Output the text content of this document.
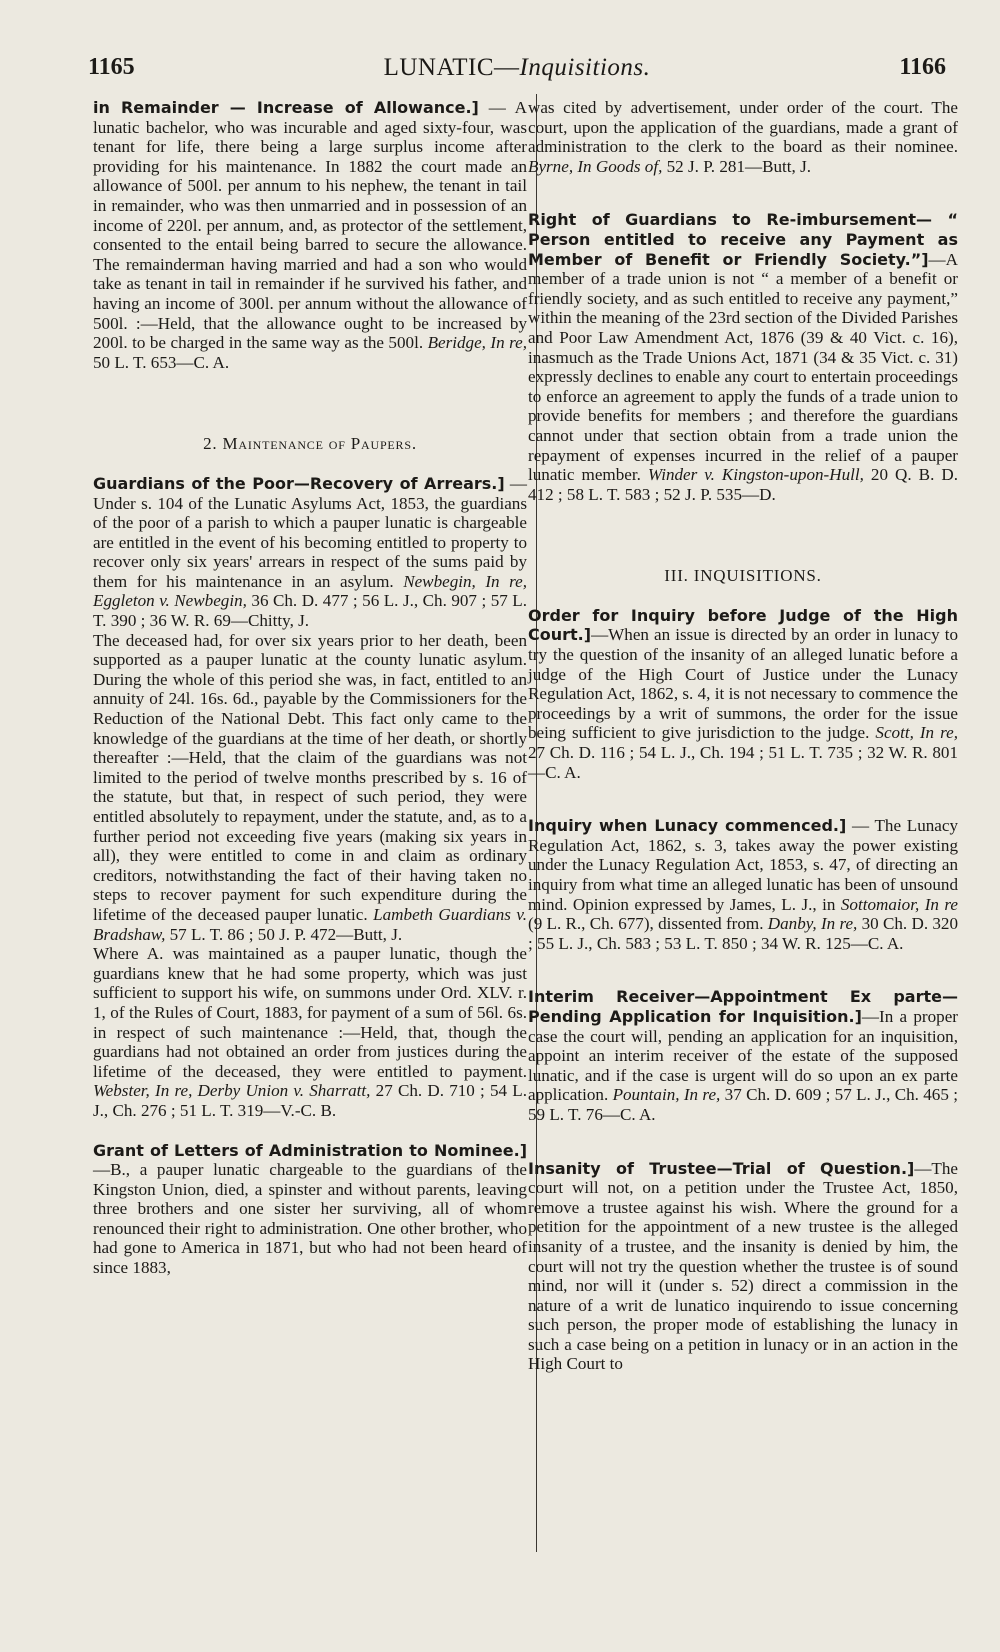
1165	LUNATIC—Inquisitions.	1166

in Remainder — Increase of Allowance.] — A lunatic bachelor, who was incurable and aged sixty-four, was tenant for life, there being a large surplus income after providing for his maintenance. In 1882 the court made an allowance of 500l. per annum to his nephew, the tenant in tail in remainder, who was then unmarried and in possession of an income of 220l. per annum, and, as protector of the settlement, consented to the entail being barred to secure the allowance. The remainderman having married and had a son who would take as tenant in tail in remainder if he survived his father, and having an income of 300l. per annum without the allowance of 500l. :—Held, that the allowance ought to be increased by 200l. to be charged in the same way as the 500l. Beridge, In re, 50 L. T. 653—C. A.

2. Maintenance of Paupers.

Guardians of the Poor—Recovery of Arrears.] —Under s. 104 of the Lunatic Asylums Act, 1853, the guardians of the poor of a parish to which a pauper lunatic is chargeable are entitled in the event of his becoming entitled to property to recover only six years' arrears in respect of the sums paid by them for his maintenance in an asylum. Newbegin, In re, Eggleton v. Newbegin, 36 Ch. D. 477 ; 56 L. J., Ch. 907 ; 57 L. T. 390 ; 36 W. R. 69—Chitty, J.

The deceased had, for over six years prior to her death, been supported as a pauper lunatic at the county lunatic asylum. During the whole of this period she was, in fact, entitled to an annuity of 24l. 16s. 6d., payable by the Commissioners for the Reduction of the National Debt. This fact only came to the knowledge of the guardians at the time of her death, or shortly thereafter :—Held, that the claim of the guardians was not limited to the period of twelve months prescribed by s. 16 of the statute, but that, in respect of such period, they were entitled absolutely to repayment, under the statute, and, as to a further period not exceeding five years (making six years in all), they were entitled to come in and claim as ordinary creditors, notwithstanding the fact of their having taken no steps to recover payment for such expenditure during the lifetime of the deceased pauper lunatic. Lambeth Guardians v. Bradshaw, 57 L. T. 86 ; 50 J. P. 472—Butt, J.

Where A. was maintained as a pauper lunatic, though the guardians knew that he had some property, which was just sufficient to support his wife, on summons under Ord. XLV. r. 1, of the Rules of Court, 1883, for payment of a sum of 56l. 6s. in respect of such maintenance :—Held, that, though the guardians had not obtained an order from justices during the lifetime of the deceased, they were entitled to payment. Webster, In re, Derby Union v. Sharratt, 27 Ch. D. 710 ; 54 L. J., Ch. 276 ; 51 L. T. 319—V.-C. B.

Grant of Letters of Administration to Nominee.]—B., a pauper lunatic chargeable to the guardians of the Kingston Union, died, a spinster and without parents, leaving three brothers and one sister her surviving, all of whom renounced their right to administration. One other brother, who had gone to America in 1871, but who had not been heard of since 1883,

was cited by advertisement, under order of the court. The court, upon the application of the guardians, made a grant of administration to the clerk to the board as their nominee. Byrne, In Goods of, 52 J. P. 281—Butt, J.

Right of Guardians to Re-imbursement— “ Person entitled to receive any Payment as Member of Benefit or Friendly Society.”]—A member of a trade union is not “ a member of a benefit or friendly society, and as such entitled to receive any payment,” within the meaning of the 23rd section of the Divided Parishes and Poor Law Amendment Act, 1876 (39 & 40 Vict. c. 16), inasmuch as the Trade Unions Act, 1871 (34 & 35 Vict. c. 31) expressly declines to enable any court to entertain proceedings to enforce an agreement to apply the funds of a trade union to provide benefits for members ; and therefore the guardians cannot under that section obtain from a trade union the repayment of expenses incurred in the relief of a pauper lunatic member. Winder v. Kingston-upon-Hull, 20 Q. B. D. 412 ; 58 L. T. 583 ; 52 J. P. 535—D.

III. INQUISITIONS.

Order for Inquiry before Judge of the High Court.]—When an issue is directed by an order in lunacy to try the question of the insanity of an alleged lunatic before a judge of the High Court of Justice under the Lunacy Regulation Act, 1862, s. 4, it is not necessary to commence the proceedings by a writ of summons, the order for the issue being sufficient to give jurisdiction to the judge. Scott, In re, 27 Ch. D. 116 ; 54 L. J., Ch. 194 ; 51 L. T. 735 ; 32 W. R. 801—C. A.

Inquiry when Lunacy commenced.] — The Lunacy Regulation Act, 1862, s. 3, takes away the power existing under the Lunacy Regulation Act, 1853, s. 47, of directing an inquiry from what time an alleged lunatic has been of unsound mind. Opinion expressed by James, L. J., in Sottomaior, In re (9 L. R., Ch. 677), dissented from. Danby, In re, 30 Ch. D. 320 ; 55 L. J., Ch. 583 ; 53 L. T. 850 ; 34 W. R. 125—C. A.

Interim Receiver—Appointment Ex parte—Pending Application for Inquisition.]—In a proper case the court will, pending an application for an inquisition, appoint an interim receiver of the estate of the supposed lunatic, and if the case is urgent will do so upon an ex parte application. Pountain, In re, 37 Ch. D. 609 ; 57 L. J., Ch. 465 ; 59 L. T. 76—C. A.

Insanity of Trustee—Trial of Question.]—The court will not, on a petition under the Trustee Act, 1850, remove a trustee against his wish. Where the ground for a petition for the appointment of a new trustee is the alleged insanity of a trustee, and the insanity is denied by him, the court will not try the question whether the trustee is of sound mind, nor will it (under s. 52) direct a commission in the nature of a writ de lunatico inquirendo to issue concerning such person, the proper mode of establishing the lunacy in such a case being on a petition in lunacy or in an action in the High Court to
